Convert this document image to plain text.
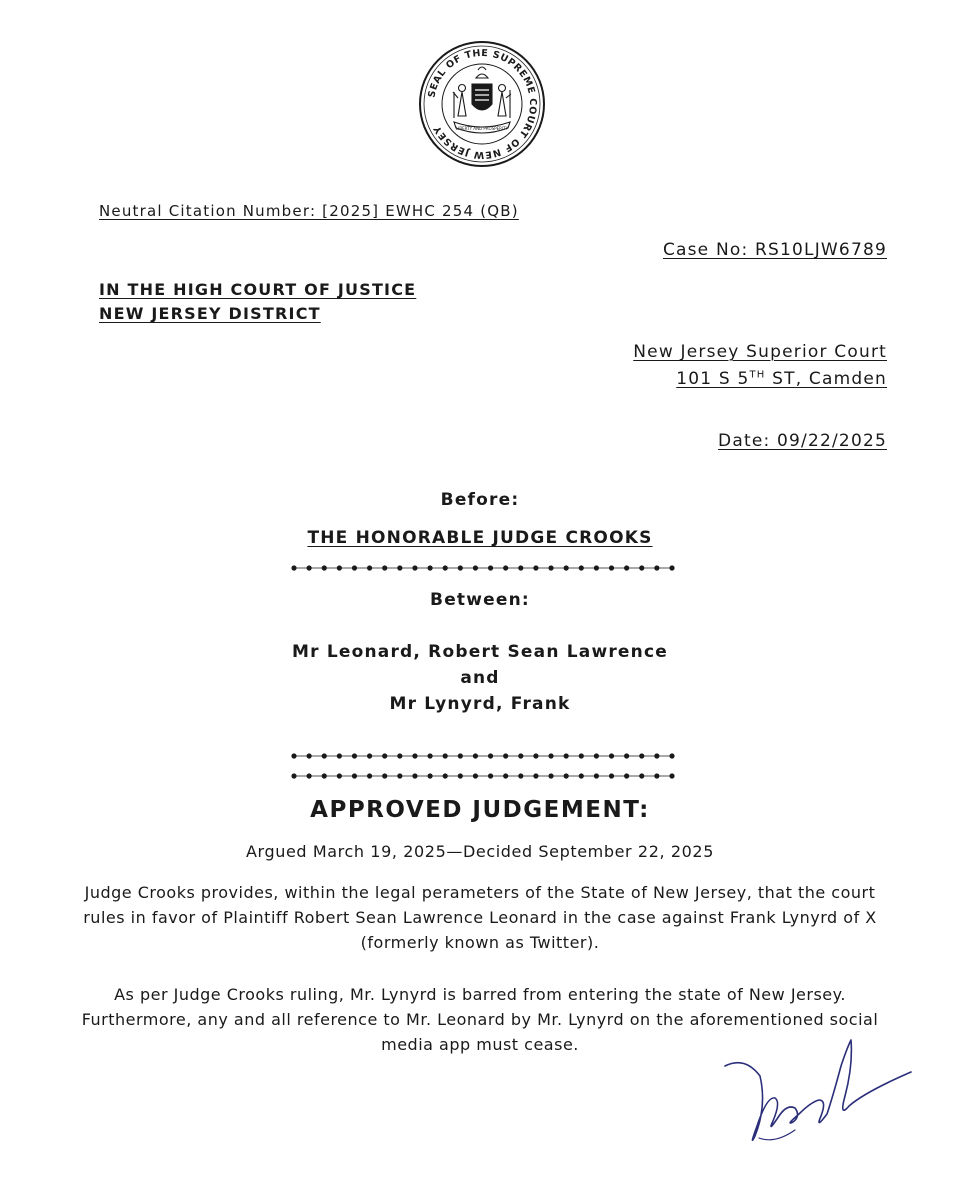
SEAL OF THE SUPREME COURT OF NEW JERSEY	LIBERTY AND PROSPERITY
Neutral Citation Number: [2025] EWHC 254 (QB)
Case No: RS10LJW6789
IN THE HIGH COURT OF JUSTICE
NEW JERSEY DISTRICT
New Jersey Superior Court
101 S 5TH ST, Camden
Date: 09/22/2025
Before:
THE HONORABLE JUDGE CROOKS
Between:
Mr Leonard, Robert Sean Lawrence
and
Mr Lynyrd, Frank
APPROVED JUDGEMENT:
Argued March 19, 2025—Decided September 22, 2025
Judge Crooks provides, within the legal perameters of the State of New Jersey, that the court rules in favor of Plaintiff Robert Sean Lawrence Leonard in the case against Frank Lynyrd of X (formerly known as Twitter).
As per Judge Crooks ruling, Mr. Lynyrd is barred from entering the state of New Jersey. Furthermore, any and all reference to Mr. Leonard by Mr. Lynyrd on the aforementioned social media app must cease.
